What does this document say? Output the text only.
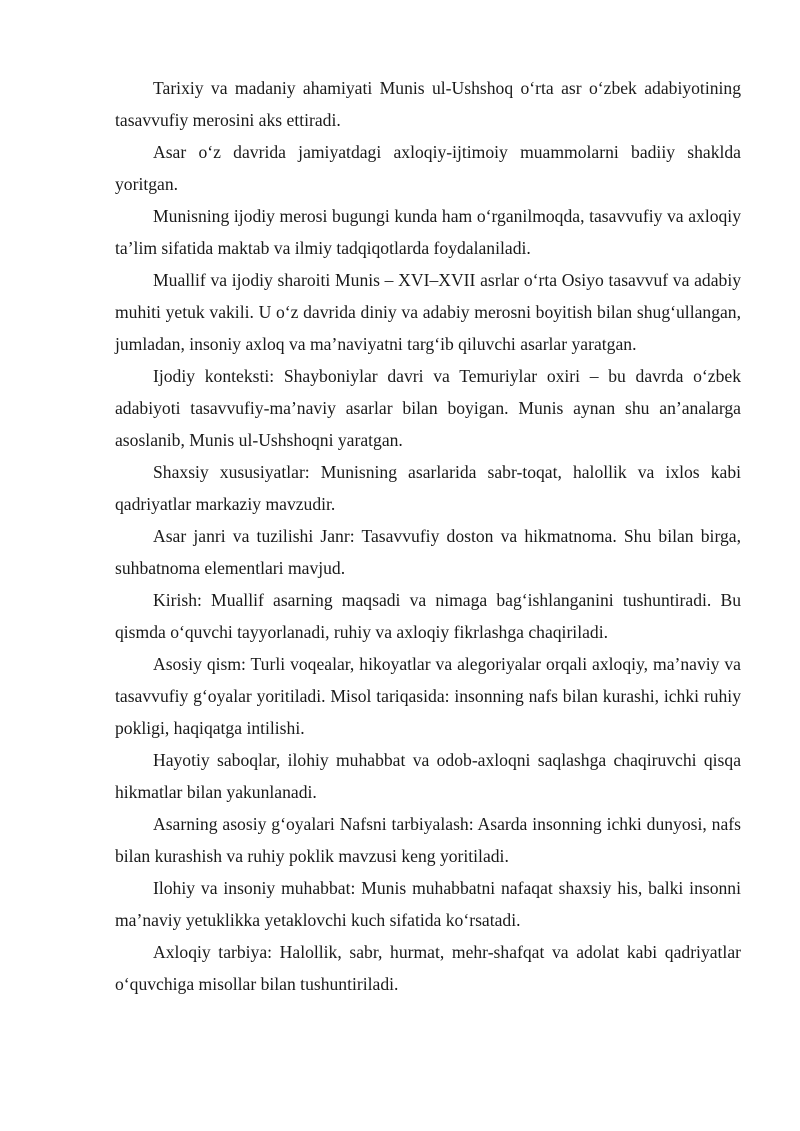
Tarixiy va madaniy ahamiyati Munis ul-Ushshoq o‘rta asr o‘zbek adabiyotining tasavvufiy merosini aks ettiradi.

Asar o‘z davrida jamiyatdagi axloqiy-ijtimoiy muammolarni badiiy shaklda yoritgan.

Munisning ijodiy merosi bugungi kunda ham o‘rganilmoqda, tasavvufiy va axloqiy ta’lim sifatida maktab va ilmiy tadqiqotlarda foydalaniladi.

Muallif va ijodiy sharoiti Munis – XVI–XVII asrlar o‘rta Osiyo tasavvuf va adabiy muhiti yetuk vakili. U o‘z davrida diniy va adabiy merosni boyitish bilan shug‘ullangan, jumladan, insoniy axloq va ma’naviyatni targ‘ib qiluvchi asarlar yaratgan.

Ijodiy konteksti: Shayboniylar davri va Temuriylar oxiri – bu davrda o‘zbek adabiyoti tasavvufiy-ma’naviy asarlar bilan boyigan. Munis aynan shu an’analarga asoslanib, Munis ul-Ushshoqni yaratgan.

Shaxsiy xususiyatlar: Munisning asarlarida sabr-toqat, halollik va ixlos kabi qadriyatlar markaziy mavzudir.

Asar janri va tuzilishi Janr: Tasavvufiy doston va hikmatnoma. Shu bilan birga, suhbatnoma elementlari mavjud.

Kirish: Muallif asarning maqsadi va nimaga bag‘ishlanganini tushuntiradi. Bu qismda o‘quvchi tayyorlanadi, ruhiy va axloqiy fikrlashga chaqiriladi.

Asosiy qism: Turli voqealar, hikoyatlar va alegoriyalar orqali axloqiy, ma’naviy va tasavvufiy g‘oyalar yoritiladi. Misol tariqasida: insonning nafs bilan kurashi, ichki ruhiy pokligi, haqiqatga intilishi.

Hayotiy saboqlar, ilohiy muhabbat va odob-axloqni saqlashga chaqiruvchi qisqa hikmatlar bilan yakunlanadi.

Asarning asosiy g‘oyalari Nafsni tarbiyalash: Asarda insonning ichki dunyosi, nafs bilan kurashish va ruhiy poklik mavzusi keng yoritiladi.

Ilohiy va insoniy muhabbat: Munis muhabbatni nafaqat shaxsiy his, balki insonni ma’naviy yetuklikka yetaklovchi kuch sifatida ko‘rsatadi.

Axloqiy tarbiya: Halollik, sabr, hurmat, mehr-shafqat va adolat kabi qadriyatlar o‘quvchiga misollar bilan tushuntiriladi.
